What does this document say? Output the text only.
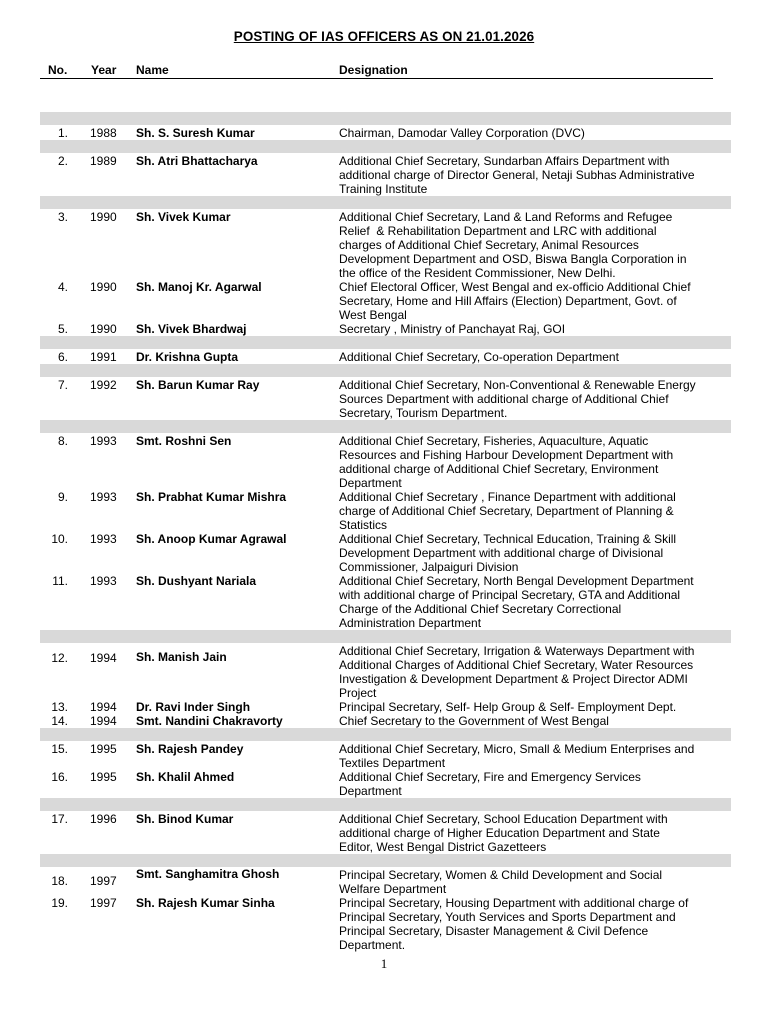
POSTING OF IAS OFFICERS AS ON 21.01.2026
No. Year Name	Designation
1. 1988 Sh. S. Suresh Kumar	Chairman, Damodar Valley Corporation (DVC)
2. 1989 Sh. Atri Bhattacharya	Additional Chief Secretary, Sundarban Affairs Department with
additional charge of Director General, Netaji Subhas Administrative
Training Institute
3. 1990 Sh. Vivek Kumar	Additional Chief Secretary, Land & Land Reforms and Refugee
Relief  & Rehabilitation Department and LRC with additional
charges of Additional Chief Secretary, Animal Resources
Development Department and OSD, Biswa Bangla Corporation in
the office of the Resident Commissioner, New Delhi.
4. 1990 Sh. Manoj Kr. Agarwal	Chief Electoral Officer, West Bengal and ex-officio Additional Chief
Secretary, Home and Hill Affairs (Election) Department, Govt. of
West Bengal
5. 1990 Sh. Vivek Bhardwaj	Secretary , Ministry of Panchayat Raj, GOI
6. 1991 Dr. Krishna Gupta	Additional Chief Secretary, Co-operation Department
7. 1992 Sh. Barun Kumar Ray	Additional Chief Secretary, Non-Conventional & Renewable Energy
Sources Department with additional charge of Additional Chief
Secretary, Tourism Department.
8. 1993 Smt. Roshni Sen	Additional Chief Secretary, Fisheries, Aquaculture, Aquatic
Resources and Fishing Harbour Development Department with
additional charge of Additional Chief Secretary, Environment
Department
9. 1993 Sh. Prabhat Kumar Mishra	Additional Chief Secretary , Finance Department with additional
charge of Additional Chief Secretary, Department of Planning &
Statistics
10. 1993 Sh. Anoop Kumar Agrawal	Additional Chief Secretary, Technical Education, Training & Skill
Development Department with additional charge of Divisional
Commissioner, Jalpaiguri Division
11. 1993 Sh. Dushyant Nariala	Additional Chief Secretary, North Bengal Development Department
with additional charge of Principal Secretary, GTA and Additional
Charge of the Additional Chief Secretary Correctional
Administration Department
12. 1994 Sh. Manish Jain	Additional Chief Secretary, Irrigation & Waterways Department with
Additional Charges of Additional Chief Secretary, Water Resources
Investigation & Development Department & Project Director ADMI
Project
13. 1994 Dr. Ravi Inder Singh	Principal Secretary, Self- Help Group & Self- Employment Dept.
14. 1994 Smt. Nandini Chakravorty	Chief Secretary to the Government of West Bengal
15. 1995 Sh. Rajesh Pandey	Additional Chief Secretary, Micro, Small & Medium Enterprises and
Textiles Department
16. 1995 Sh. Khalil Ahmed	Additional Chief Secretary, Fire and Emergency Services
Department
17. 1996 Sh. Binod Kumar	Additional Chief Secretary, School Education Department with
additional charge of Higher Education Department and State
Editor, West Bengal District Gazetteers
18. 1997 Smt. Sanghamitra Ghosh	Principal Secretary, Women & Child Development and Social
Welfare Department
19. 1997 Sh. Rajesh Kumar Sinha	Principal Secretary, Housing Department with additional charge of
Principal Secretary, Youth Services and Sports Department and
Principal Secretary, Disaster Management & Civil Defence
Department.
1
